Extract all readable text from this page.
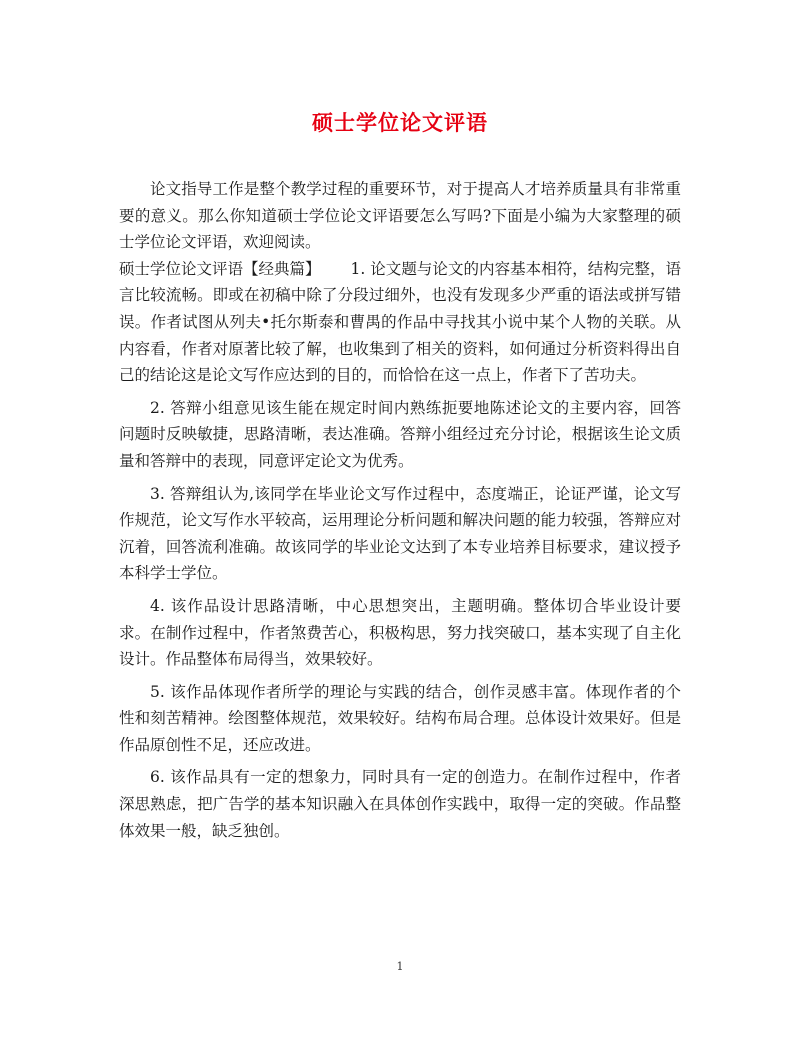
硕士学位论文评语

论文指导工作是整个教学过程的重要环节，对于提高人才培养质量具有非常重要的意义。那么你知道硕士学位论文评语要怎么写吗?下面是小编为大家整理的硕士学位论文评语，欢迎阅读。

硕士学位论文评语【经典篇】 1. 论文题与论文的内容基本相符，结构完整，语言比较流畅。即或在初稿中除了分段过细外，也没有发现多少严重的语法或拼写错误。作者试图从列夫•托尔斯泰和曹禺的作品中寻找其小说中某个人物的关联。从内容看，作者对原著比较了解，也收集到了相关的资料，如何通过分析资料得出自己的结论这是论文写作应达到的目的，而恰恰在这一点上，作者下了苦功夫。

2. 答辩小组意见该生能在规定时间内熟练扼要地陈述论文的主要内容，回答问题时反映敏捷，思路清晰，表达准确。答辩小组经过充分讨论，根据该生论文质量和答辩中的表现，同意评定论文为优秀。

3. 答辩组认为,该同学在毕业论文写作过程中，态度端正，论证严谨，论文写作规范，论文写作水平较高，运用理论分析问题和解决问题的能力较强，答辩应对沉着，回答流利准确。故该同学的毕业论文达到了本专业培养目标要求，建议授予本科学士学位。

4. 该作品设计思路清晰，中心思想突出，主题明确。整体切合毕业设计要求。在制作过程中，作者煞费苦心，积极构思，努力找突破口，基本实现了自主化设计。作品整体布局得当，效果较好。

5. 该作品体现作者所学的理论与实践的结合，创作灵感丰富。体现作者的个性和刻苦精神。绘图整体规范，效果较好。结构布局合理。总体设计效果好。但是作品原创性不足，还应改进。

6. 该作品具有一定的想象力，同时具有一定的创造力。在制作过程中，作者深思熟虑，把广告学的基本知识融入在具体创作实践中，取得一定的突破。作品整体效果一般，缺乏独创。

1
